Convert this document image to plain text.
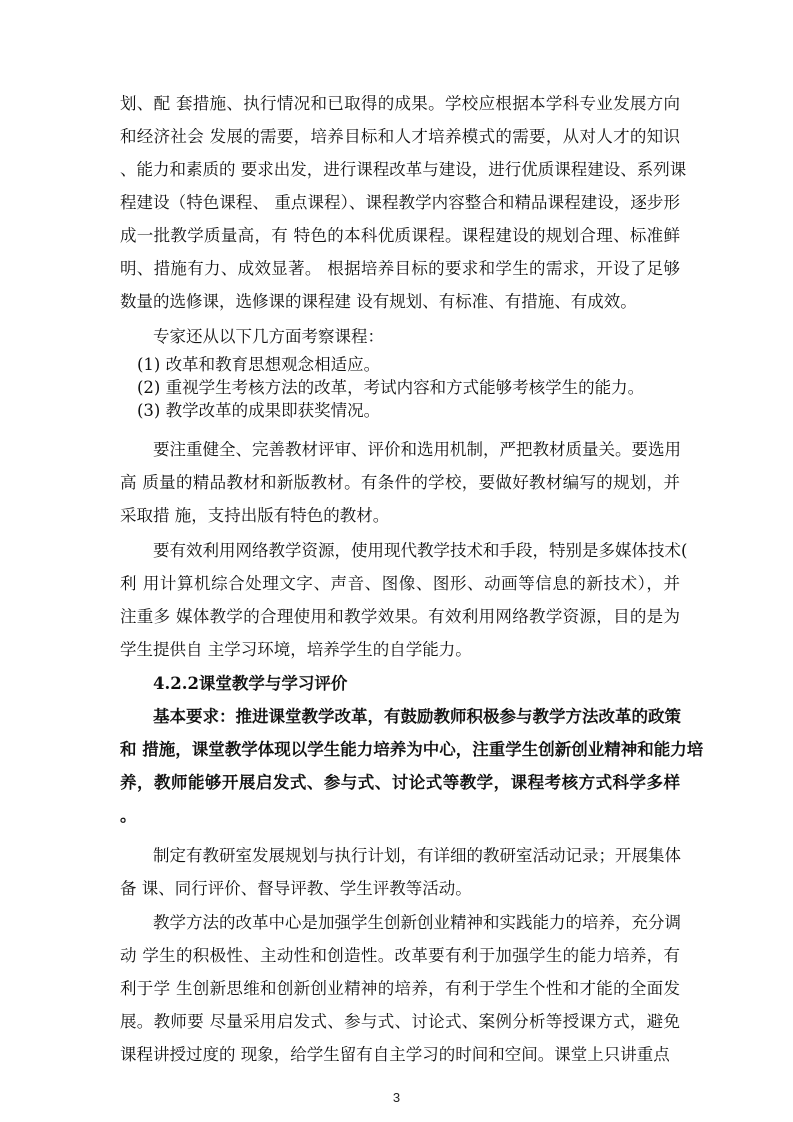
划、配 套措施、执行情况和已取得的成果。学校应根据本学科专业发展方向
和经济社会 发展的需要，培养目标和人才培养模式的需要，从对人才的知识
、能力和素质的 要求出发，进行课程改革与建设，进行优质课程建设、系列课
程建设（特色课程、 重点课程）、课程教学内容整合和精品课程建设，逐步形
成一批教学质量高，有 特色的本科优质课程。课程建设的规划合理、标准鲜
明、措施有力、成效显著。 根据培养目标的要求和学生的需求，开设了足够
数量的选修课，选修课的课程建 设有规划、有标准、有措施、有成效。
专家还从以下几方面考察课程：
(1) 改革和教育思想观念相适应。
(2) 重视学生考核方法的改革，考试内容和方式能够考核学生的能力。
(3) 教学改革的成果即获奖情况。
要注重健全、完善教材评审、评价和选用机制，严把教材质量关。要选用
高 质量的精品教材和新版教材。有条件的学校，要做好教材编写的规划，并
采取措 施，支持出版有特色的教材。
要有效利用网络教学资源，使用现代教学技术和手段，特别是多媒体技术(
利 用计算机综合处理文字、声音、图像、图形、动画等信息的新技术），并
注重多 媒体教学的合理使用和教学效果。有效利用网络教学资源，目的是为
学生提供自 主学习环境，培养学生的自学能力。
4.2.2课堂教学与学习评价
基本要求：推进课堂教学改革，有鼓励教师积极参与教学方法改革的政策
和 措施，课堂教学体现以学生能力培养为中心，注重学生创新创业精神和能力培
养，教师能够开展启发式、参与式、讨论式等教学，课程考核方式科学多样
。
制定有教研室发展规划与执行计划，有详细的教研室活动记录；开展集体
备 课、同行评价、督导评教、学生评教等活动。
教学方法的改革中心是加强学生创新创业精神和实践能力的培养，充分调
动 学生的积极性、主动性和创造性。改革要有利于加强学生的能力培养，有
利于学 生创新思维和创新创业精神的培养，有利于学生个性和才能的全面发
展。教师要 尽量采用启发式、参与式、讨论式、案例分析等授课方式，避免
课程讲授过度的 现象，给学生留有自主学习的时间和空间。课堂上只讲重点
3
